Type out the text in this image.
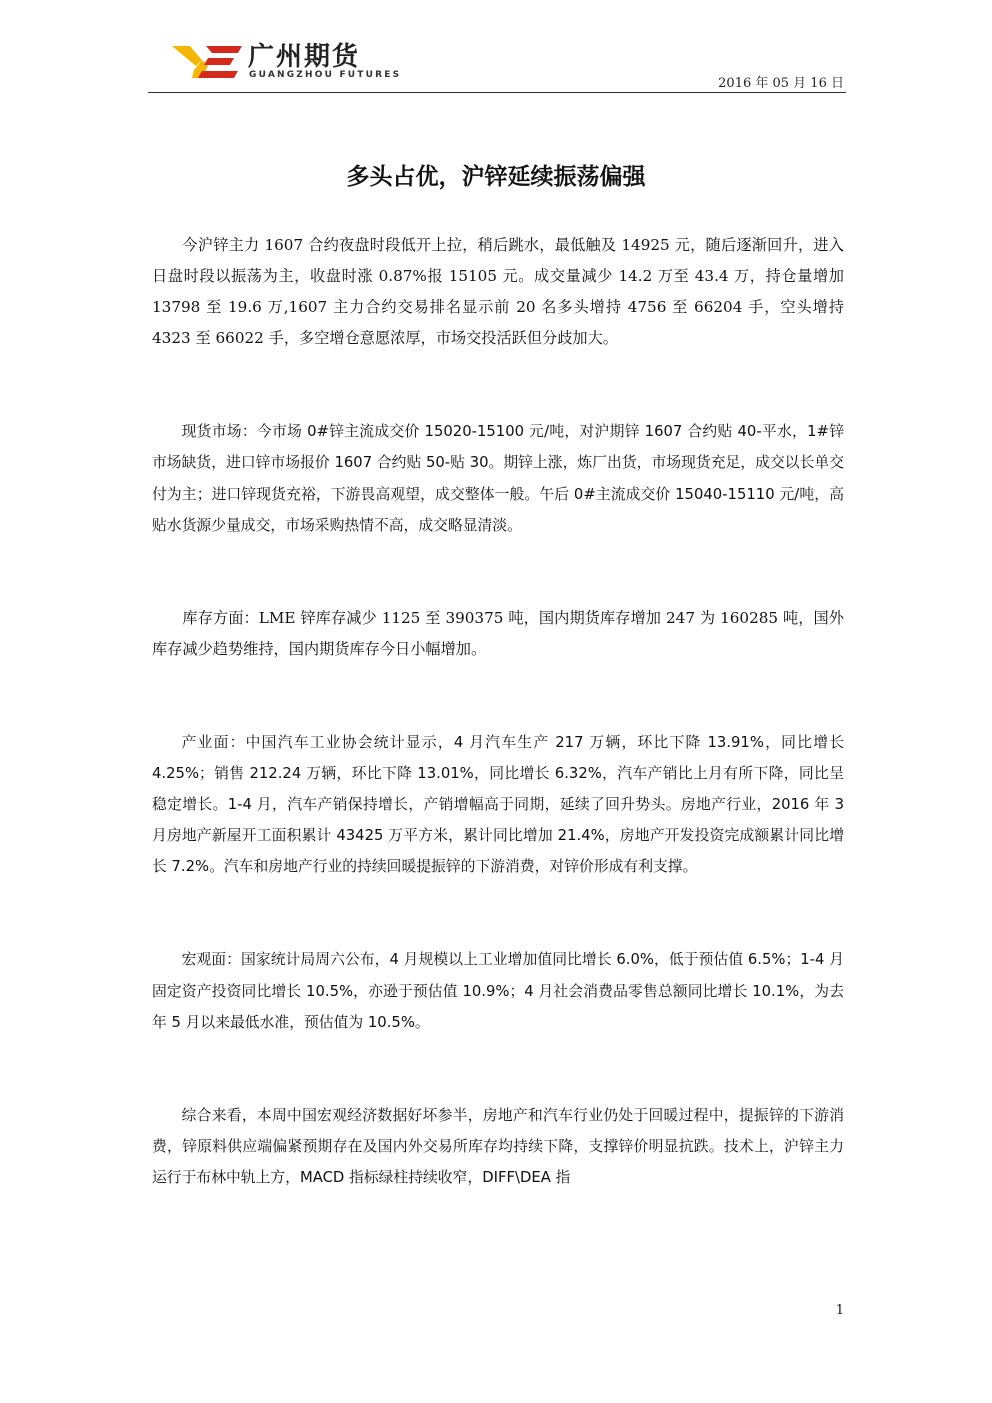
广州期货
GUANGZHOU FUTURES
2016 年 05 月 16 日
多头占优，沪锌延续振荡偏强

今沪锌主力 1607 合约夜盘时段低开上拉，稍后跳水，最低触及 14925 元，随后逐渐回升，进入日盘时段以振荡为主，收盘时涨 0.87%报 15105 元。成交量减少 14.2 万至 43.4 万，持仓量增加 13798 至 19.6 万,1607 主力合约交易排名显示前 20 名多头增持 4756 至 66204 手，空头增持 4323 至 66022 手，多空增仓意愿浓厚，市场交投活跃但分歧加大。

现货市场：今市场 0#锌主流成交价 15020-15100 元/吨，对沪期锌 1607 合约贴 40-平水，1#锌市场缺货，进口锌市场报价 1607 合约贴 50-贴 30。期锌上涨，炼厂出货，市场现货充足，成交以长单交付为主；进口锌现货充裕，下游畏高观望，成交整体一般。午后 0#主流成交价 15040-15110 元/吨，高贴水货源少量成交，市场采购热情不高，成交略显清淡。

库存方面：LME 锌库存减少 1125 至 390375 吨，国内期货库存增加 247 为 160285 吨，国外库存减少趋势维持，国内期货库存今日小幅增加。

产业面：中国汽车工业协会统计显示，4 月汽车生产 217 万辆，环比下降 13.91%，同比增长 4.25%；销售 212.24 万辆，环比下降 13.01%，同比增长 6.32%，汽车产销比上月有所下降，同比呈稳定增长。1-4 月，汽车产销保持增长，产销增幅高于同期，延续了回升势头。房地产行业，2016 年 3 月房地产新屋开工面积累计 43425 万平方米，累计同比增加 21.4%，房地产开发投资完成额累计同比增长 7.2%。汽车和房地产行业的持续回暖提振锌的下游消费，对锌价形成有利支撑。

宏观面：国家统计局周六公布，4 月规模以上工业增加值同比增长 6.0%，低于预估值 6.5%；1-4 月固定资产投资同比增长 10.5%，亦逊于预估值 10.9%；4 月社会消费品零售总额同比增长 10.1%，为去年 5 月以来最低水准，预估值为 10.5%。

综合来看，本周中国宏观经济数据好坏参半，房地产和汽车行业仍处于回暖过程中，提振锌的下游消费，锌原料供应端偏紧预期存在及国内外交易所库存均持续下降，支撑锌价明显抗跌。技术上，沪锌主力运行于布林中轨上方，MACD 指标绿柱持续收窄，DIFF\DEA 指

1
